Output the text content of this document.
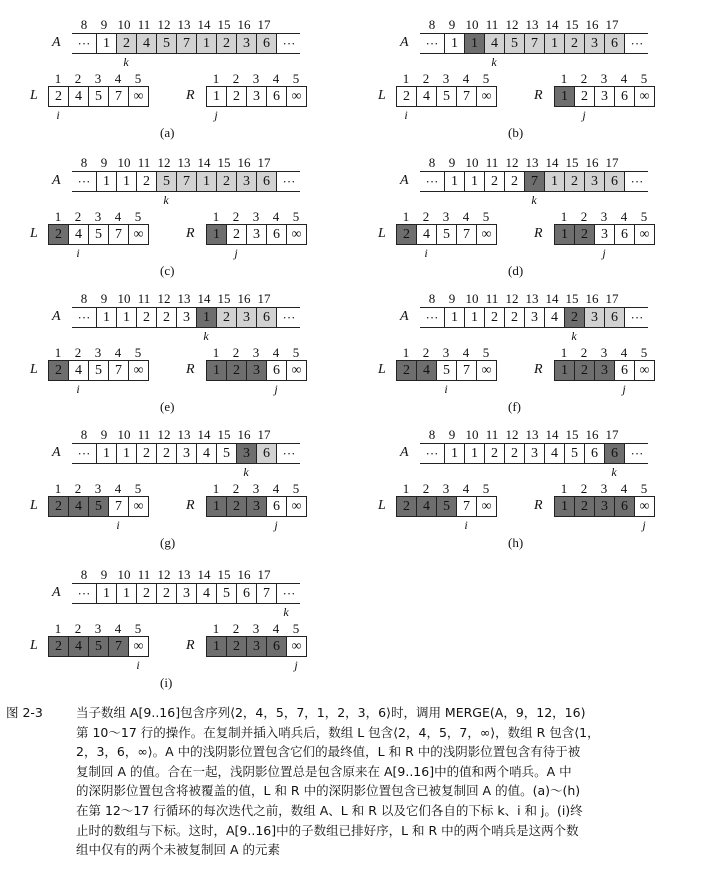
8	9 10 11 12 13 14 15 16 17
A ··· 1 2 4 5 7 1 2 3 6 ···
k
1	2	3	4	5
L	2 4 5 7 ∞
i
1	2	3	4	5
R	1 2 3 6 ∞
j
(a)
8	9 10 11 12 13 14 15 16 17
A ··· 1 1 4 5 7 1 2 3 6 ···
k
1	2	3	4	5
L	2 4 5 7 ∞
i
1	2	3	4	5
R	1 2 3 6 ∞
j
(b)
8	9 10 11 12 13 14 15 16 17
A ··· 1 1 2 5 7 1 2 3 6 ···
k
1	2	3	4	5
L	2 4 5 7 ∞
i
1	2	3	4	5
R	1 2 3 6 ∞
j
(c)
8	9 10 11 12 13 14 15 16 17
A ··· 1 1 2 2 7 1 2 3 6 ···
k
1	2	3	4	5
L	2 4 5 7 ∞
i
1	2	3	4	5
R	1 2 3 6 ∞
j
(d)
8	9 10 11 12 13 14 15 16 17
A ··· 1 1 2 2 3 1 2 3 6 ···
k
1	2	3	4	5
L	2 4 5 7 ∞
i
1	2	3	4	5
R	1 2 3 6 ∞
j
(e)
8	9 10 11 12 13 14 15 16 17
A ··· 1 1 2 2 3 4 2 3 6 ···
k
1	2	3	4	5
L	2 4 5 7 ∞
i
1	2	3	4	5
R	1 2 3 6 ∞
j
(f)
8	9 10 11 12 13 14 15 16 17
A ··· 1 1 2 2 3 4 5 3 6 ···
k
1	2	3	4	5
L	2 4 5 7 ∞
i
1	2	3	4	5
R	1 2 3 6 ∞
j
(g)
8	9 10 11 12 13 14 15 16 17
A ··· 1 1 2 2 3 4 5 6 6 ···
k
1	2	3	4	5
L	2 4 5 7 ∞
i
1	2	3	4	5
R	1 2 3 6 ∞
j
(h)
8	9 10 11 12 13 14 15 16 17
A ··· 1 1 2 2 3 4 5 6 7 ···
k
1	2	3	4	5
L	2 4 5 7 ∞
i
1	2	3	4	5
R	1 2 3 6 ∞
j
(i)
图 2-3	当子数组 A[9..16]包含序列⟨2，4，5，7，1，2，3，6⟩时，调用 MERGE(A，9，12，16)
第 10～17 行的操作。在复制并插入哨兵后，数组 L 包含⟨2，4，5，7，∞⟩，数组 R 包含⟨1，
2，3，6，∞⟩。A 中的浅阴影位置包含它们的最终值，L 和 R 中的浅阴影位置包含有待于被
复制回 A 的值。合在一起，浅阴影位置总是包含原来在 A[9..16]中的值和两个哨兵。A 中
的深阴影位置包含将被覆盖的值，L 和 R 中的深阴影位置包含已被复制回 A 的值。(a)～(h)
在第 12～17 行循环的每次迭代之前，数组 A、L 和 R 以及它们各自的下标 k、i 和 j。(i)终
止时的数组与下标。这时，A[9..16]中的子数组已排好序，L 和 R 中的两个哨兵是这两个数
组中仅有的两个未被复制回 A 的元素
